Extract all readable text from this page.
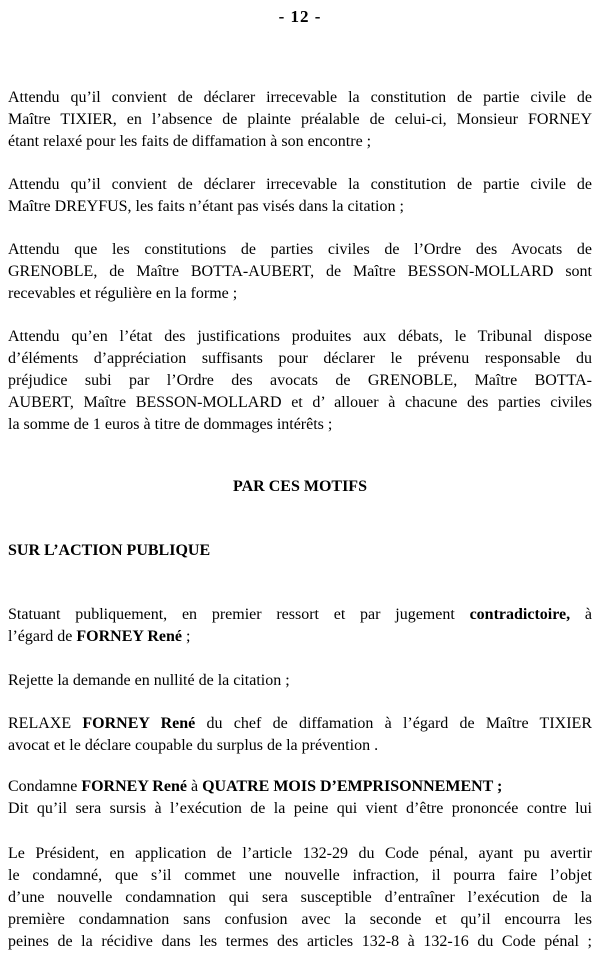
- 12 -
Attendu qu’il convient de déclarer irrecevable la constitution de partie civile de
Maître TIXIER, en l’absence de plainte préalable de celui-ci, Monsieur FORNEY
étant relaxé pour les faits de diffamation à son encontre ;
Attendu qu’il convient de déclarer irrecevable la constitution de partie civile de
Maître DREYFUS, les faits n’étant pas visés dans la citation ;
Attendu que les constitutions de parties civiles de l’Ordre des Avocats de
GRENOBLE, de Maître BOTTA-AUBERT, de Maître BESSON-MOLLARD sont
recevables et régulière en la forme ;
Attendu qu’en l’état des justifications produites aux débats, le Tribunal dispose
d’éléments d’appréciation suffisants pour déclarer le prévenu responsable du
préjudice subi par l’Ordre des avocats de GRENOBLE, Maître BOTTA-
AUBERT, Maître BESSON-MOLLARD et d’ allouer à chacune des parties civiles
la somme de 1 euros à titre de dommages intérêts ;
PAR CES MOTIFS
SUR L’ACTION PUBLIQUE
Statuant publiquement, en premier ressort et par jugement contradictoire, à
l’égard de FORNEY René ;
Rejette la demande en nullité de la citation ;
RELAXE FORNEY René du chef de diffamation à l’égard de Maître TIXIER
avocat et le déclare coupable du surplus de la prévention .
Condamne FORNEY René à QUATRE MOIS D’EMPRISONNEMENT ;
Dit qu’il sera sursis à l’exécution de la peine qui vient d’être prononcée contre lui
Le Président, en application de l’article 132-29 du Code pénal, ayant pu avertir
le condamné, que s’il commet une nouvelle infraction, il pourra faire l’objet
d’une nouvelle condamnation qui sera susceptible d’entraîner l’exécution de la
première condamnation sans confusion avec la seconde et qu’il encourra les
peines de la récidive dans les termes des articles 132-8 à 132-16 du Code pénal ;
